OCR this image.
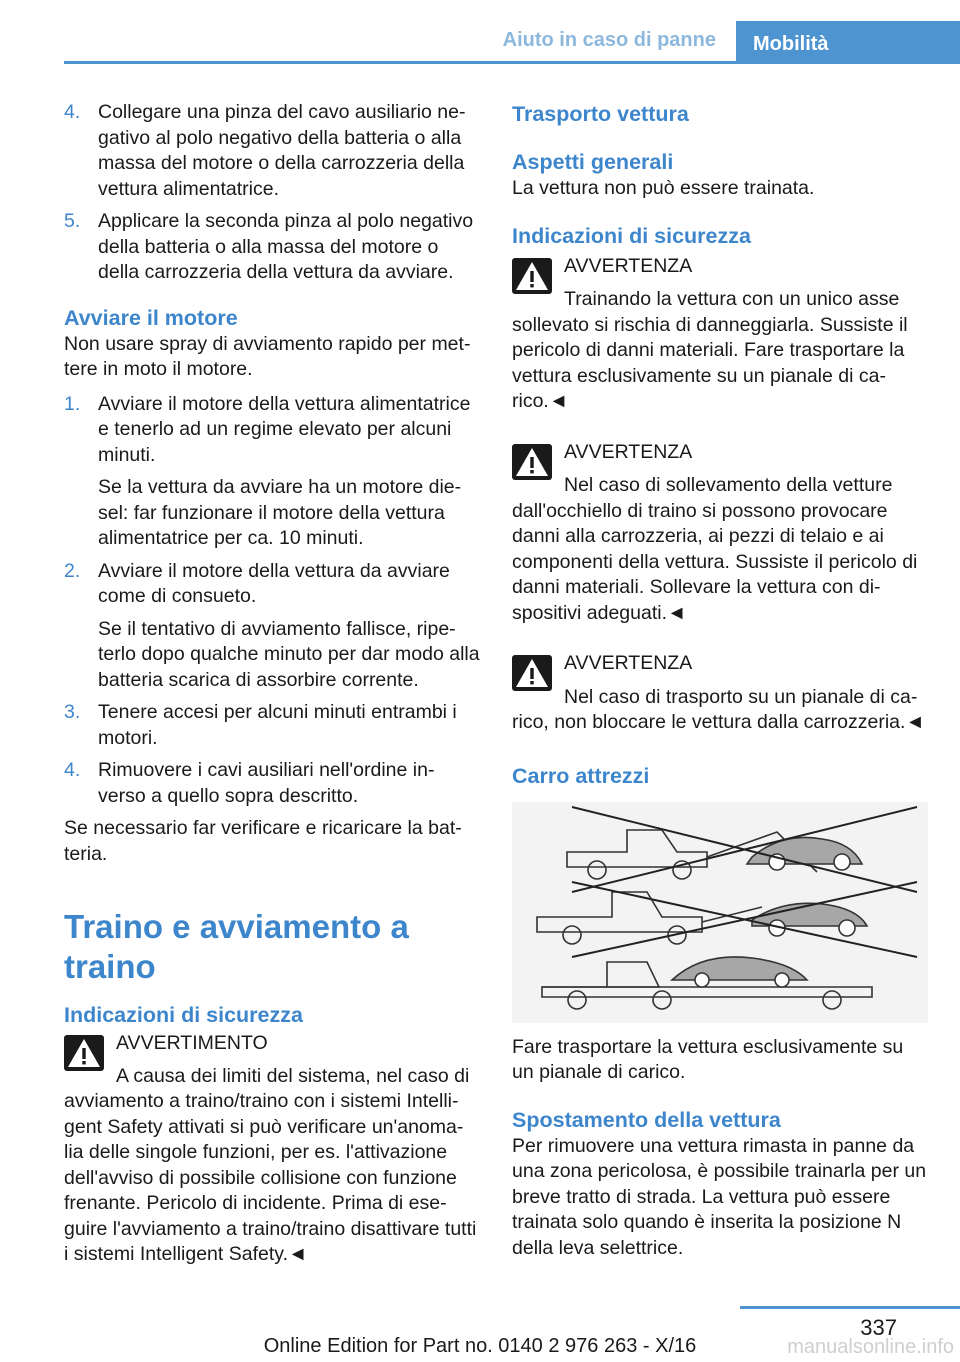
Aiuto in caso di panne	Mobilità
4. Collegare una pinza del cavo ausiliario ne-gativo al polo negativo della batteria o alla massa del motore o della carrozzeria della vettura alimentatrice.

5. Applicare la seconda pinza al polo negativo della batteria o alla massa del motore o della carrozzeria della vettura da avviare.

Avviare il motore

Non usare spray di avviamento rapido per met-tere in moto il motore.

1. Avviare il motore della vettura alimentatrice e tenerlo ad un regime elevato per alcuni minuti.

Se la vettura da avviare ha un motore die-sel: far funzionare il motore della vettura alimentatrice per ca. 10 minuti.

2. Avviare il motore della vettura da avviare come di consueto.

Se il tentativo di avviamento fallisce, ripe-terlo dopo qualche minuto per dar modo alla batteria scarica di assorbire corrente.

3. Tenere accesi per alcuni minuti entrambi i motori.

4. Rimuovere i cavi ausiliari nell'ordine in-verso a quello sopra descritto.

Se necessario far verificare e ricaricare la bat-teria.

Traino e avviamento a traino
Indicazioni di sicurezza

AVVERTIMENTO

A causa dei limiti del sistema, nel caso di avviamento a traino/traino con i sistemi Intelli-gent Safety attivati si può verificare un'anoma-lia delle singole funzioni, per es. l'attivazione dell'avviso di possibile collisione con funzione frenante. Pericolo di incidente. Prima di ese-guire l'avviamento a traino/traino disattivare tutti i sistemi Intelligent Safety.◄

Trasporto vettura
Aspetti generali

La vettura non può essere trainata.

Indicazioni di sicurezza

AVVERTENZA

Trainando la vettura con un unico asse sollevato si rischia di danneggiarla. Sussiste il pericolo di danni materiali. Fare trasportare la vettura esclusivamente su un pianale di ca-rico.◄

AVVERTENZA

Nel caso di sollevamento della vetture dall'occhiello di traino si possono provocare danni alla carrozzeria, ai pezzi di telaio e ai componenti della vettura. Sussiste il pericolo di danni materiali. Sollevare la vettura con di-spositivi adeguati.◄

AVVERTENZA

Nel caso di trasporto su un pianale di ca-rico, non bloccare le vettura dalla carrozzeria.◄

Carro attrezzi

Fare trasportare la vettura esclusivamente su un pianale di carico.

Spostamento della vettura

Per rimuovere una vettura rimasta in panne da una zona pericolosa, è possibile trainarla per un breve tratto di strada. La vettura può essere trainata solo quando è inserita la posizione N della leva selettrice.

337
Online Edition for Part no. 0140 2 976 263 - X/16	manualsonline.info
